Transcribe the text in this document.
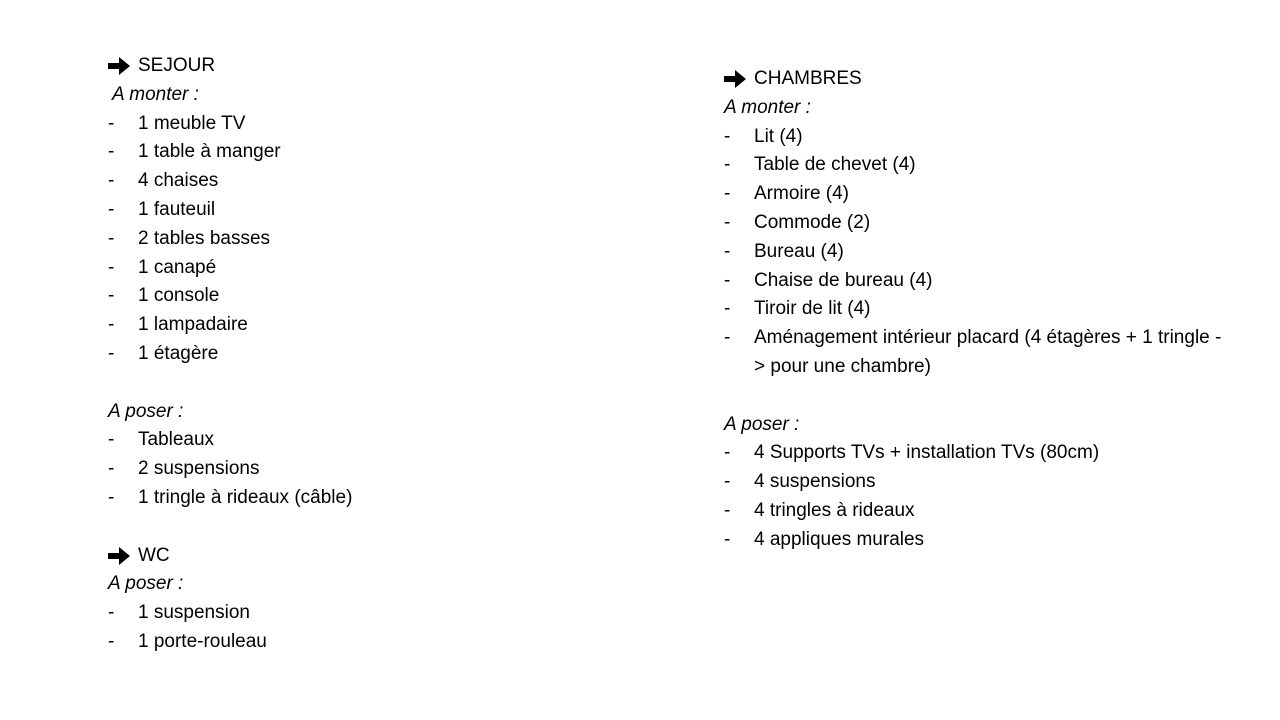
SEJOUR
A monter :
- 1 meuble TV
- 1 table à manger
- 4 chaises
- 1 fauteuil
- 2 tables basses
- 1 canapé
- 1 console
- 1 lampadaire
- 1 étagère
A poser :
- Tableaux
- 2 suspensions
- 1 tringle à rideaux (câble)
WC
A poser :
- 1 suspension
- 1 porte-rouleau
CHAMBRES
A monter :
- Lit (4)
- Table de chevet (4)
- Armoire (4)
- Commode (2)
- Bureau (4)
- Chaise de bureau (4)
- Tiroir de lit (4)
- Aménagement intérieur placard (4 étagères + 1 tringle -> pour une chambre)
A poser :
- 4 Supports TVs + installation TVs (80cm)
- 4 suspensions
- 4 tringles à rideaux
- 4 appliques murales
